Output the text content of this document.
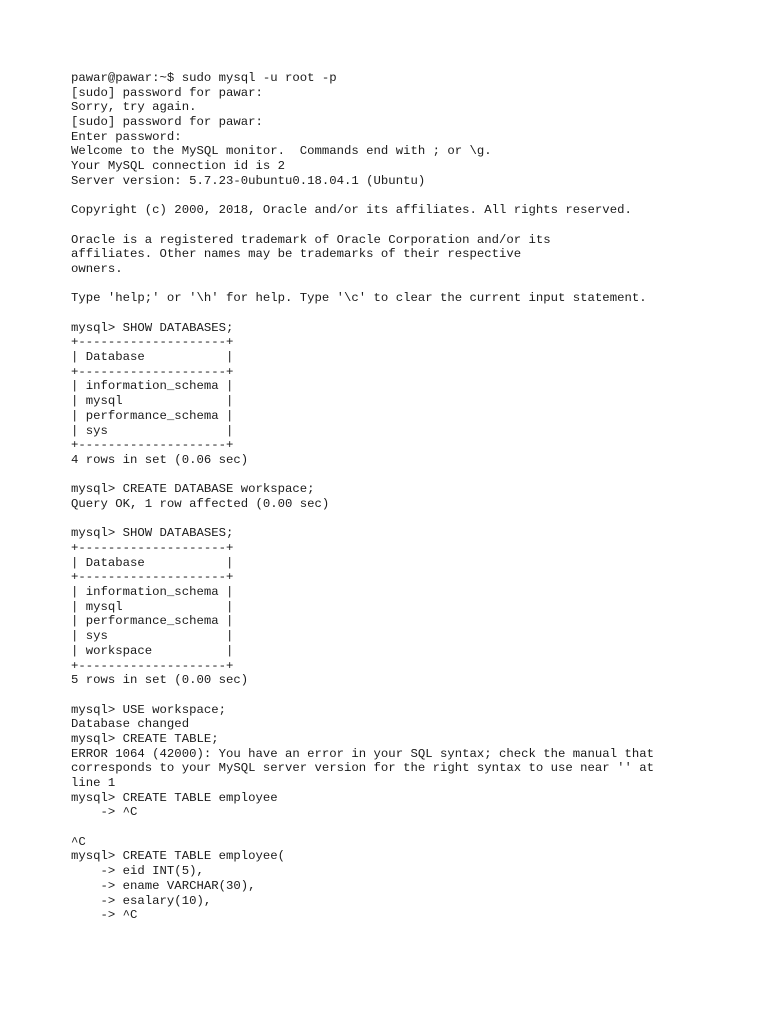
pawar@pawar:~$ sudo mysql -u root -p
[sudo] password for pawar:
Sorry, try again.
[sudo] password for pawar:
Enter password:
Welcome to the MySQL monitor.  Commands end with ; or \g.
Your MySQL connection id is 2
Server version: 5.7.23-0ubuntu0.18.04.1 (Ubuntu)
Copyright (c) 2000, 2018, Oracle and/or its affiliates. All rights reserved.
Oracle is a registered trademark of Oracle Corporation and/or its
affiliates. Other names may be trademarks of their respective
owners.
Type 'help;' or '\h' for help. Type '\c' to clear the current input statement.
mysql> SHOW DATABASES;
+--------------------+
| Database           |
+--------------------+
| information_schema |
| mysql              |
| performance_schema |
| sys                |
+--------------------+
4 rows in set (0.06 sec)
mysql> CREATE DATABASE workspace;
Query OK, 1 row affected (0.00 sec)
mysql> SHOW DATABASES;
+--------------------+
| Database           |
+--------------------+
| information_schema |
| mysql              |
| performance_schema |
| sys                |
| workspace          |
+--------------------+
5 rows in set (0.00 sec)
mysql> USE workspace;
Database changed
mysql> CREATE TABLE;
ERROR 1064 (42000): You have an error in your SQL syntax; check the manual that
corresponds to your MySQL server version for the right syntax to use near '' at
line 1
mysql> CREATE TABLE employee
-> ^C
^C
mysql> CREATE TABLE employee(
-> eid INT(5),
-> ename VARCHAR(30),
-> esalary(10),
-> ^C
